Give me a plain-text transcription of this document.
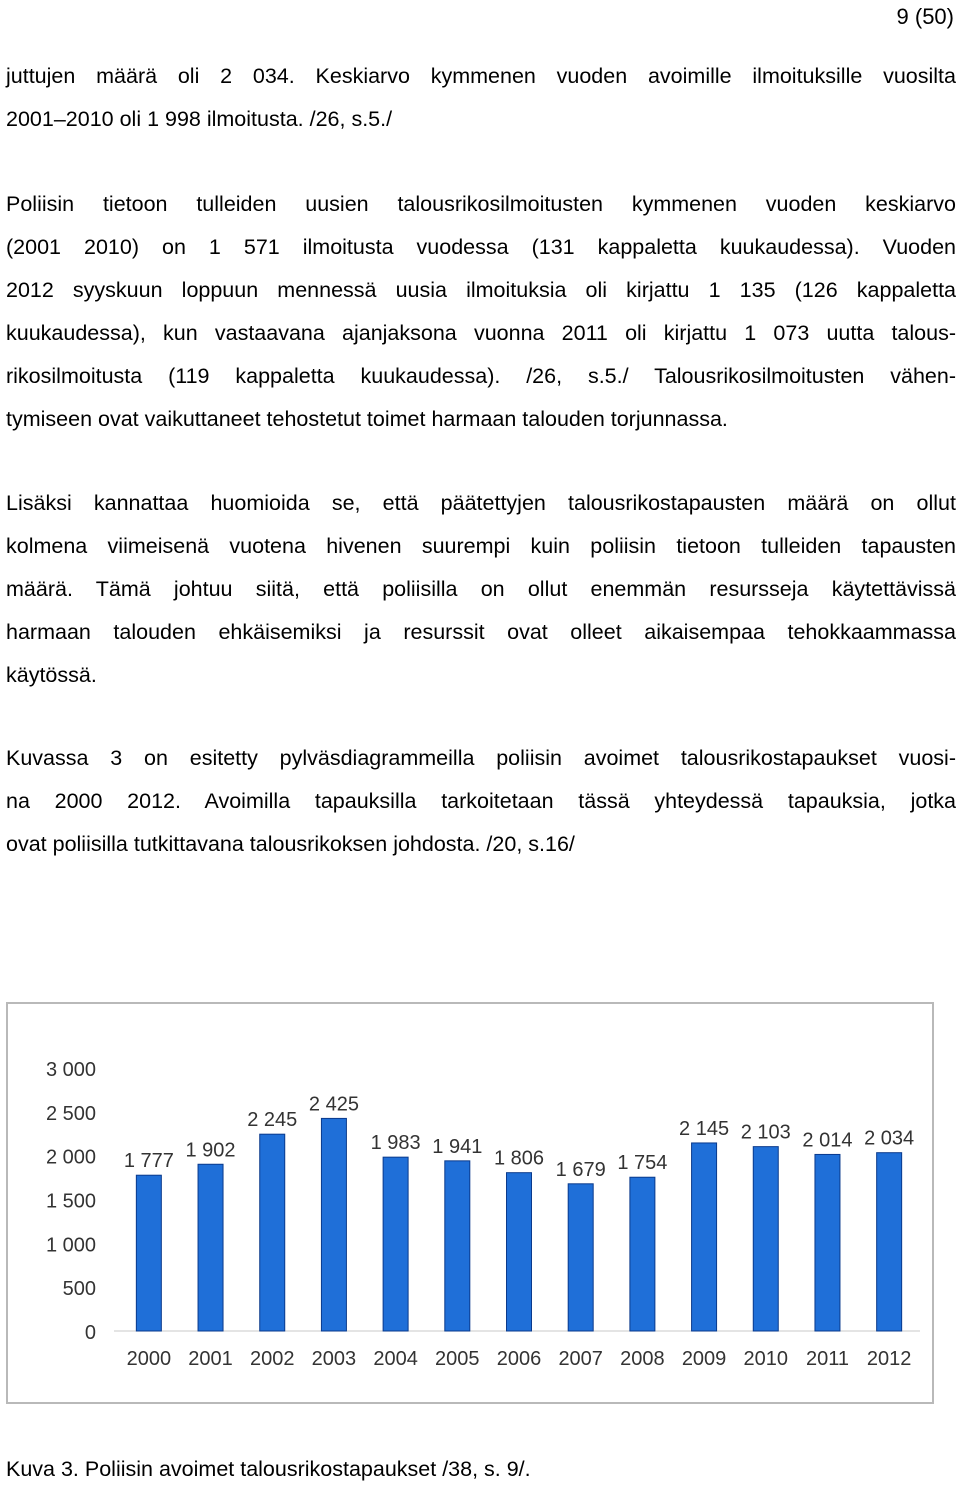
9 (50)
juttujen määrä oli 2 034. Keskiarvo kymmenen vuoden avoimille ilmoituksille vuosilta
2001–2010 oli 1 998 ilmoitusta. /26, s.5./
Poliisin tietoon tulleiden uusien talousrikosilmoitusten kymmenen vuoden keskiarvo
(2001 2010) on 1 571 ilmoitusta vuodessa (131 kappaletta kuukaudessa). Vuoden
2012 syyskuun loppuun mennessä uusia ilmoituksia oli kirjattu 1 135 (126 kappaletta
kuukaudessa), kun vastaavana ajanjaksona vuonna 2011 oli kirjattu 1 073 uutta talous-
rikosilmoitusta (119 kappaletta kuukaudessa). /26, s.5./ Talousrikosilmoitusten vähen-
tymiseen ovat vaikuttaneet tehostetut toimet harmaan talouden torjunnassa.
Lisäksi kannattaa huomioida se, että päätettyjen talousrikostapausten määrä on ollut
kolmena viimeisenä vuotena hivenen suurempi kuin poliisin tietoon tulleiden tapausten
määrä. Tämä johtuu siitä, että poliisilla on ollut enemmän resursseja käytettävissä
harmaan talouden ehkäisemiksi ja resurssit ovat olleet aikaisempaa tehokkaammassa
käytössä.
Kuvassa 3 on esitetty pylväsdiagrammeilla poliisin avoimet talousrikostapaukset vuosi-
na 2000 2012. Avoimilla tapauksilla tarkoitetaan tässä yhteydessä tapauksia, jotka
ovat poliisilla tutkittavana talousrikoksen johdosta. /20, s.16/
0
500
1 000
1 500
2 000
2 500
3 000
1 777
2000
1 902
2001
2 245
2002
2 425
2003
1 983
2004
1 941
2005
1 806
2006
1 679
2007
1 754
2008
2 145
2009
2 103
2010
2 014
2011
2 034
2012

Kuva 3. Poliisin avoimet talousrikostapaukset /38, s. 9/.
